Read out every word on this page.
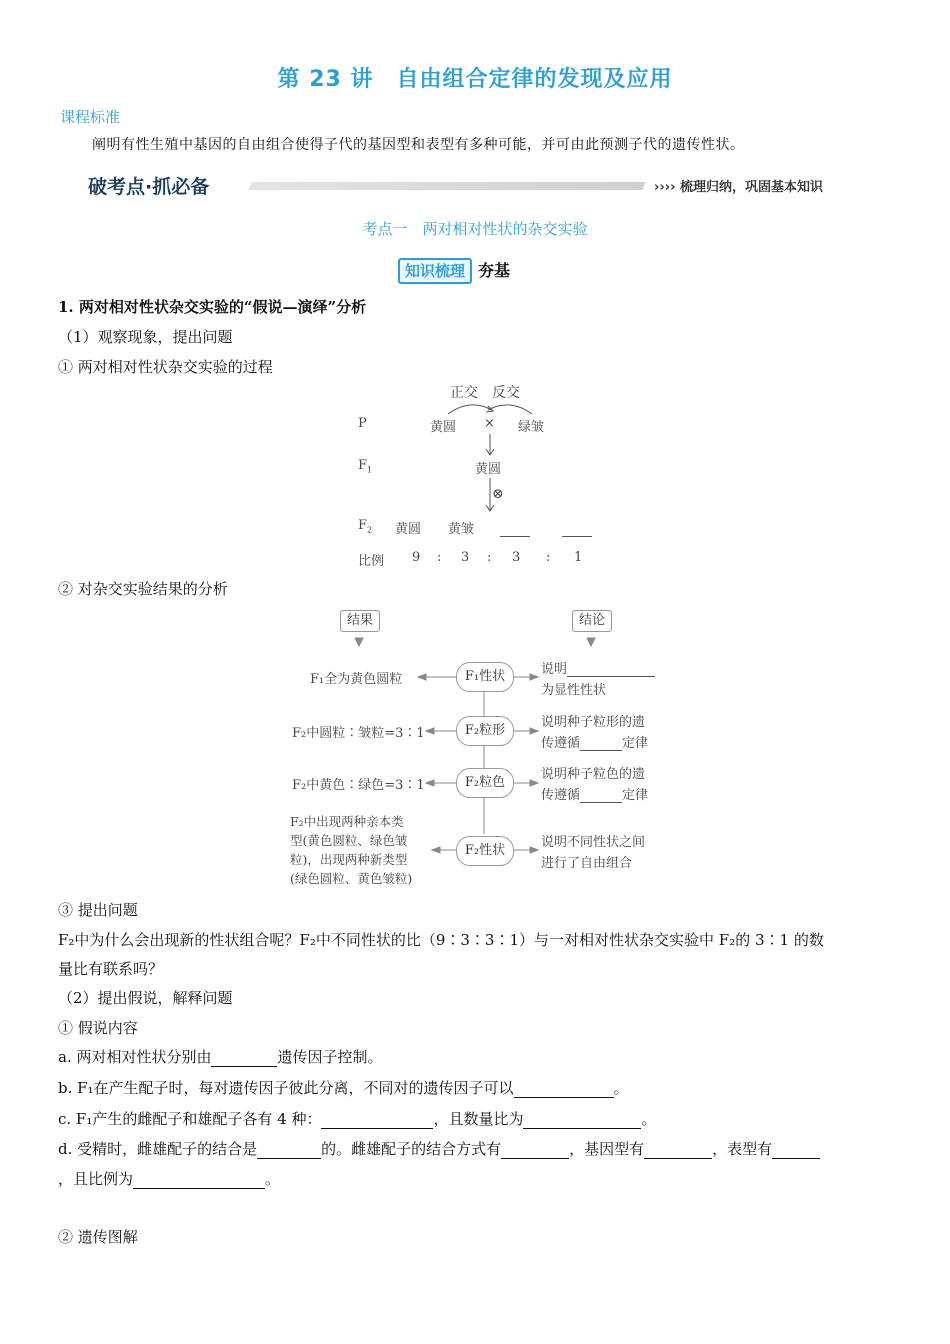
第 23 讲　自由组合定律的发现及应用
课程标准
阐明有性生殖中基因的自由组合使得子代的基因型和表型有多种可能，并可由此预测子代的遗传性状。
破考点·抓必备	›››› 梳理归纳，巩固基本知识
考点一　两对相对性状的杂交实验
知识梳理 夯基
1. 两对相对性状杂交实验的“假说—演绎”分析
（1）观察现象，提出问题
① 两对相对性状杂交实验的过程
正交 反交
P	黄圆 × 绿皱
$F_1$	黄圆
⊗
$F_2$ 黄圆 黄皱
比例 9 : 3 : 3 : 1
② 对杂交实验结果的分析
结果	结论
F₁全为黄色圆粒	F₁性状	说明
为显性性状
F₂中圆粒∶皱粒=3∶1	F₂粒形
说明种子粒形的遗
传遵循	定律
F₂中黄色∶绿色=3∶1	F₂粒色
说明种子粒色的遗
传遵循	定律
F₂中出现两种亲本类
型(黄色圆粒、绿色皱
粒)，出现两种新类型
(绿色圆粒、黄色皱粒)
F₂性状
说明不同性状之间
进行了自由组合
③ 提出问题
F₂中为什么会出现新的性状组合呢？F₂中不同性状的比（9∶3∶3∶1）与一对相对性状杂交实验中 F₂的 3∶1 的数
量比有联系吗？
（2）提出假说，解释问题
① 假说内容
a. 两对相对性状分别由	遗传因子控制。
b. F₁在产生配子时，每对遗传因子彼此分离，不同对的遗传因子可以	。
c. F₁产生的雌配子和雄配子各有 4 种：	，且数量比为	。
d. 受精时，雌雄配子的结合是	的。雌雄配子的结合方式有	，基因型有	，表型有
，且比例为	。
② 遗传图解
